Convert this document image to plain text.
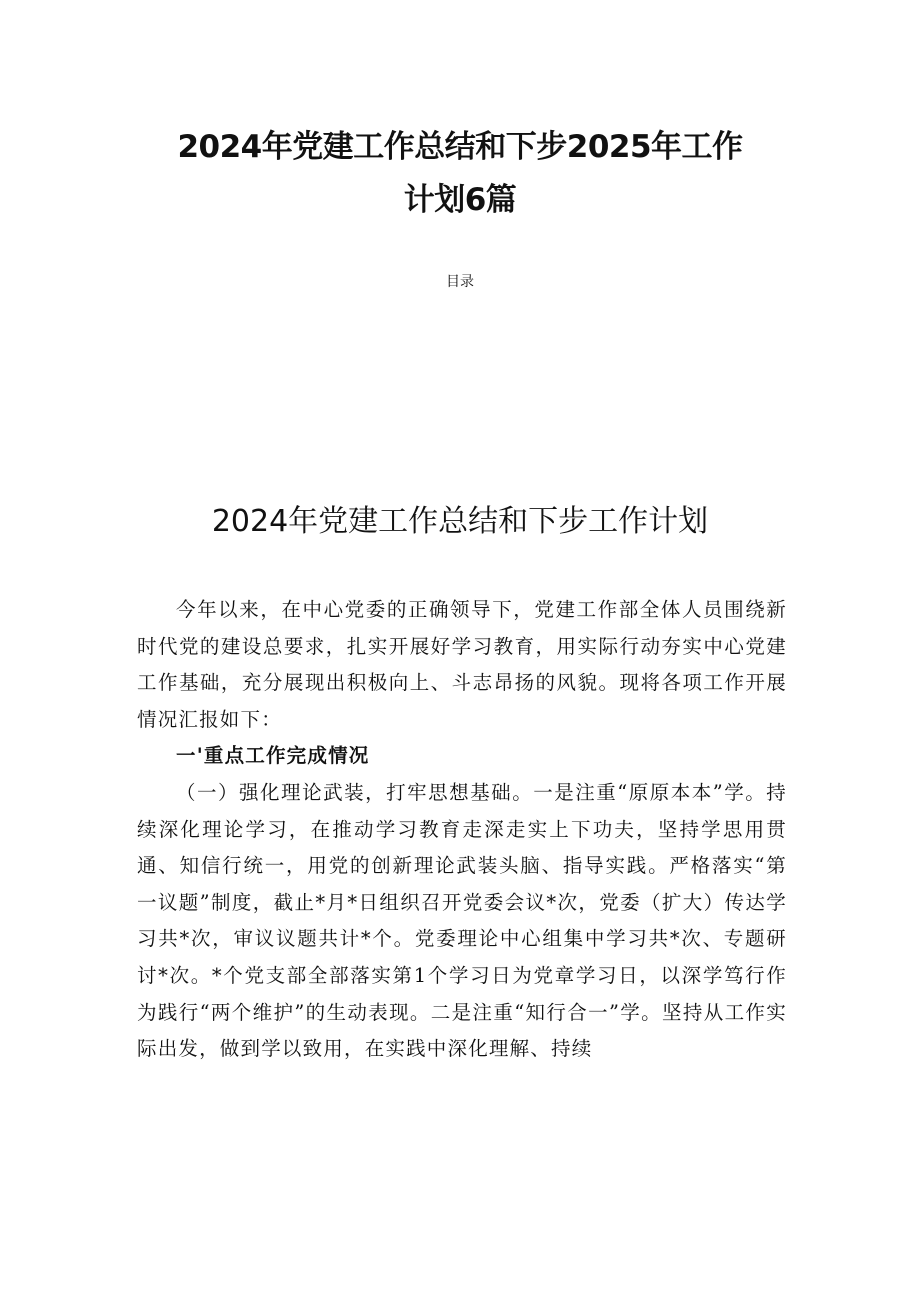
2024年党建工作总结和下步2025年工作
计划6篇
目录
2024年党建工作总结和下步工作计划

今年以来，在中心党委的正确领导下，党建工作部全体人员围绕新时代党的建设总要求，扎实开展好学习教育，用实际行动夯实中心党建工作基础，充分展现出积极向上、斗志昂扬的风貌。现将各项工作开展情况汇报如下：

一'重点工作完成情况

（一）强化理论武装，打牢思想基础。一是注重“原原本本”学。持续深化理论学习，在推动学习教育走深走实上下功夫，坚持学思用贯通、知信行统一，用党的创新理论武装头脑、指导实践。严格落实“第一议题”制度，截止*月*日组织召开党委会议*次，党委（扩大）传达学习共*次，审议议题共计*个。党委理论中心组集中学习共*次、专题研讨*次。*个党支部全部落实第1个学习日为党章学习日，以深学笃行作为践行“两个维护”的生动表现。二是注重“知行合一”学。坚持从工作实际出发，做到学以致用，在实践中深化理解、持续
